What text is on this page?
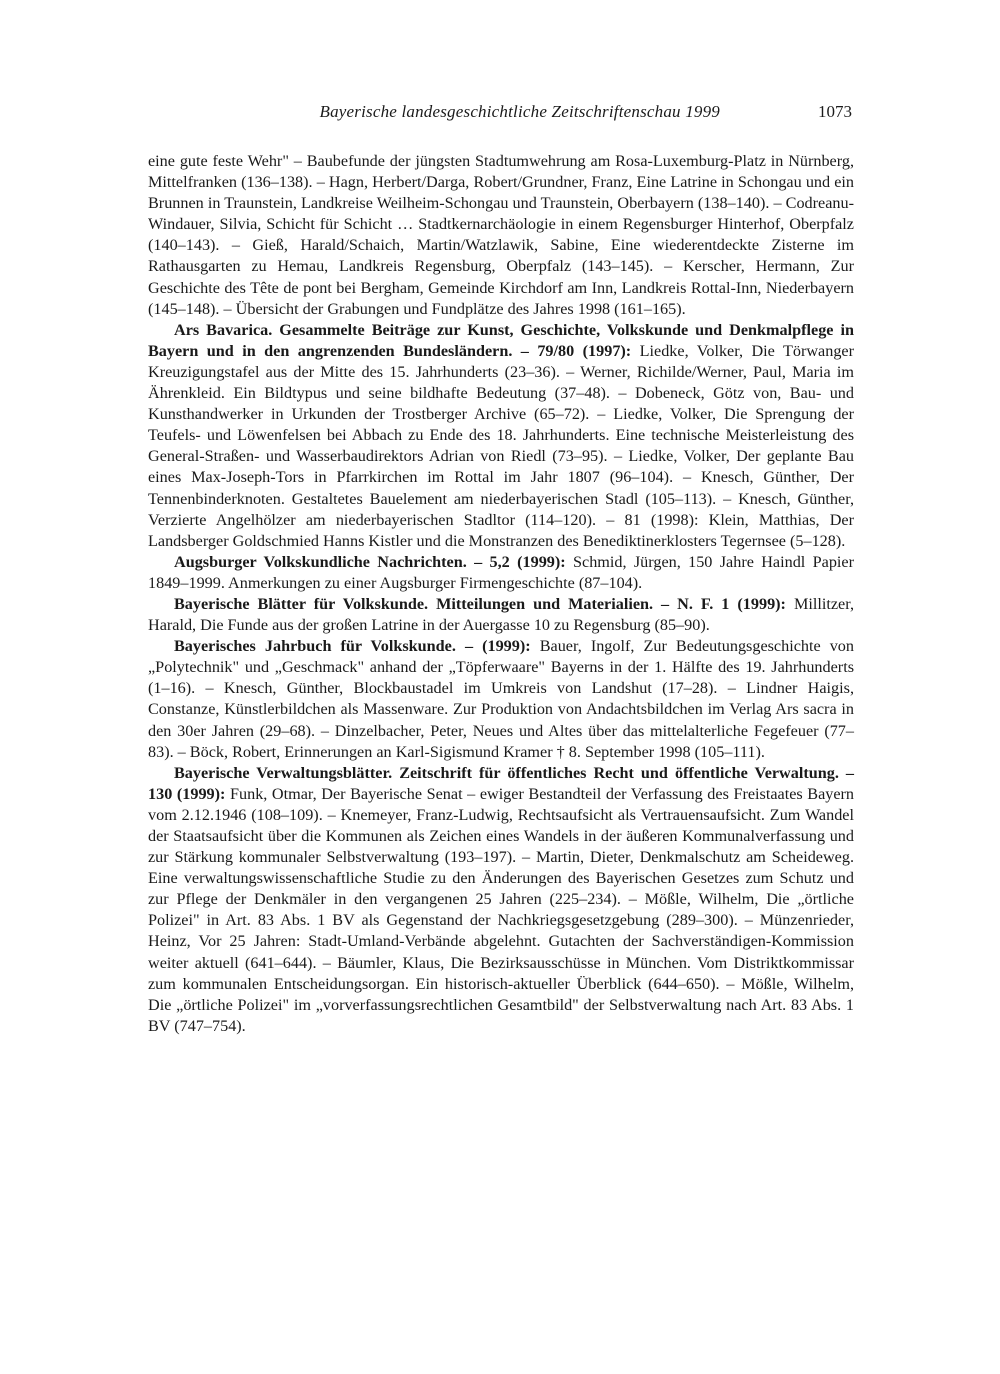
Bayerische landesgeschichtliche Zeitschriftenschau 1999	1073

eine gute feste Wehr" – Baubefunde der jüngsten Stadtumwehrung am Rosa-Luxemburg-Platz in Nürnberg, Mittelfranken (136–138). – Hagn, Herbert/Darga, Robert/Grundner, Franz, Eine Latrine in Schongau und ein Brunnen in Traunstein, Landkreise Weilheim-Schongau und Traunstein, Oberbayern (138–140). – Codreanu-Windauer, Silvia, Schicht für Schicht … Stadtkernarchäologie in einem Regensburger Hinterhof, Oberpfalz (140–143). – Gieß, Harald/Schaich, Martin/Watzlawik, Sabine, Eine wiederentdeckte Zisterne im Rathausgarten zu Hemau, Landkreis Regensburg, Oberpfalz (143–145). – Kerscher, Hermann, Zur Geschichte des Tête de pont bei Bergham, Gemeinde Kirchdorf am Inn, Landkreis Rottal-Inn, Niederbayern (145–148). – Übersicht der Grabungen und Fundplätze des Jahres 1998 (161–165).

Ars Bavarica. Gesammelte Beiträge zur Kunst, Geschichte, Volkskunde und Denkmalpflege in Bayern und in den angrenzenden Bundesländern. – 79/80 (1997): Liedke, Volker, Die Törwanger Kreuzigungstafel aus der Mitte des 15. Jahrhunderts (23–36). – Werner, Richilde/Werner, Paul, Maria im Ährenkleid. Ein Bildtypus und seine bildhafte Bedeutung (37–48). – Dobeneck, Götz von, Bau- und Kunsthandwerker in Urkunden der Trostberger Archive (65–72). – Liedke, Volker, Die Sprengung der Teufels- und Löwenfelsen bei Abbach zu Ende des 18. Jahrhunderts. Eine technische Meisterleistung des General-Straßen- und Wasserbaudirektors Adrian von Riedl (73–95). – Liedke, Volker, Der geplante Bau eines Max-Joseph-Tors in Pfarrkirchen im Rottal im Jahr 1807 (96–104). – Knesch, Günther, Der Tennenbinderknoten. Gestaltetes Bauelement am niederbayerischen Stadl (105–113). – Knesch, Günther, Verzierte Angelhölzer am niederbayerischen Stadltor (114–120). – 81 (1998): Klein, Matthias, Der Landsberger Goldschmied Hanns Kistler und die Monstranzen des Benediktinerklosters Tegernsee (5–128).

Augsburger Volkskundliche Nachrichten. – 5,2 (1999): Schmid, Jürgen, 150 Jahre Haindl Papier 1849–1999. Anmerkungen zu einer Augsburger Firmengeschichte (87–104).

Bayerische Blätter für Volkskunde. Mitteilungen und Materialien. – N. F. 1 (1999): Millitzer, Harald, Die Funde aus der großen Latrine in der Auergasse 10 zu Regensburg (85–90).

Bayerisches Jahrbuch für Volkskunde. – (1999): Bauer, Ingolf, Zur Bedeutungsgeschichte von „Polytechnik" und „Geschmack" anhand der „Töpferwaare" Bayerns in der 1. Hälfte des 19. Jahrhunderts (1–16). – Knesch, Günther, Blockbaustadel im Umkreis von Landshut (17–28). – Lindner Haigis, Constanze, Künstlerbildchen als Massenware. Zur Produktion von Andachtsbildchen im Verlag Ars sacra in den 30er Jahren (29–68). – Dinzelbacher, Peter, Neues und Altes über das mittelalterliche Fegefeuer (77–83). – Böck, Robert, Erinnerungen an Karl-Sigismund Kramer † 8. September 1998 (105–111).

Bayerische Verwaltungsblätter. Zeitschrift für öffentliches Recht und öffentliche Verwaltung. – 130 (1999): Funk, Otmar, Der Bayerische Senat – ewiger Bestandteil der Verfassung des Freistaates Bayern vom 2.12.1946 (108–109). – Knemeyer, Franz-Ludwig, Rechtsaufsicht als Vertrauensaufsicht. Zum Wandel der Staatsaufsicht über die Kommunen als Zeichen eines Wandels in der äußeren Kommunalverfassung und zur Stärkung kommunaler Selbstverwaltung (193–197). – Martin, Dieter, Denkmalschutz am Scheideweg. Eine verwaltungswissenschaftliche Studie zu den Änderungen des Bayerischen Gesetzes zum Schutz und zur Pflege der Denkmäler in den vergangenen 25 Jahren (225–234). – Mößle, Wilhelm, Die „örtliche Polizei" in Art. 83 Abs. 1 BV als Gegenstand der Nachkriegsgesetzgebung (289–300). – Münzenrieder, Heinz, Vor 25 Jahren: Stadt-Umland-Verbände abgelehnt. Gutachten der Sachverständigen-Kommission weiter aktuell (641–644). – Bäumler, Klaus, Die Bezirksausschüsse in München. Vom Distriktkommissar zum kommunalen Entscheidungsorgan. Ein historisch-aktueller Überblick (644–650). – Mößle, Wilhelm, Die „örtliche Polizei" im „vorverfassungsrechtlichen Gesamtbild" der Selbstverwaltung nach Art. 83 Abs. 1 BV (747–754).
